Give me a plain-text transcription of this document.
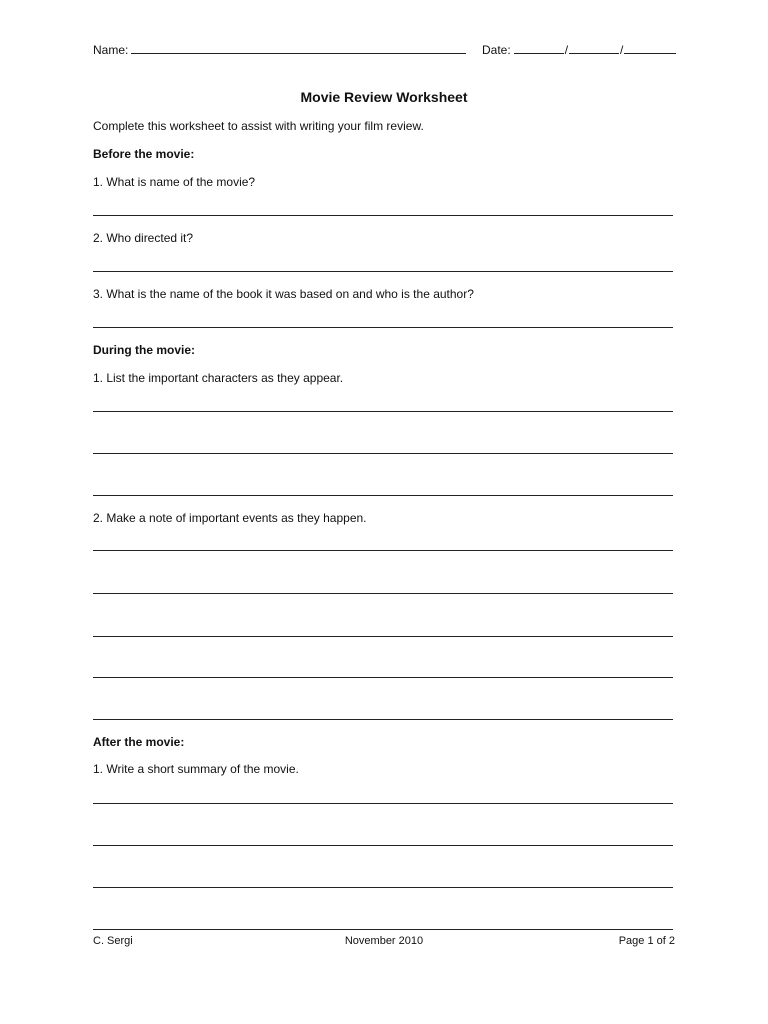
Name:	Date:	/	/
Movie Review Worksheet
Complete this worksheet to assist with writing your film review.
Before the movie:
1. What is name of the movie?
2. Who directed it?
3. What is the name of the book it was based on and who is the author?
During the movie:
1. List the important characters as they appear.
2. Make a note of important events as they happen.
After the movie:
1. Write a short summary of the movie.
C. Sergi	November 2010	Page 1 of 2
